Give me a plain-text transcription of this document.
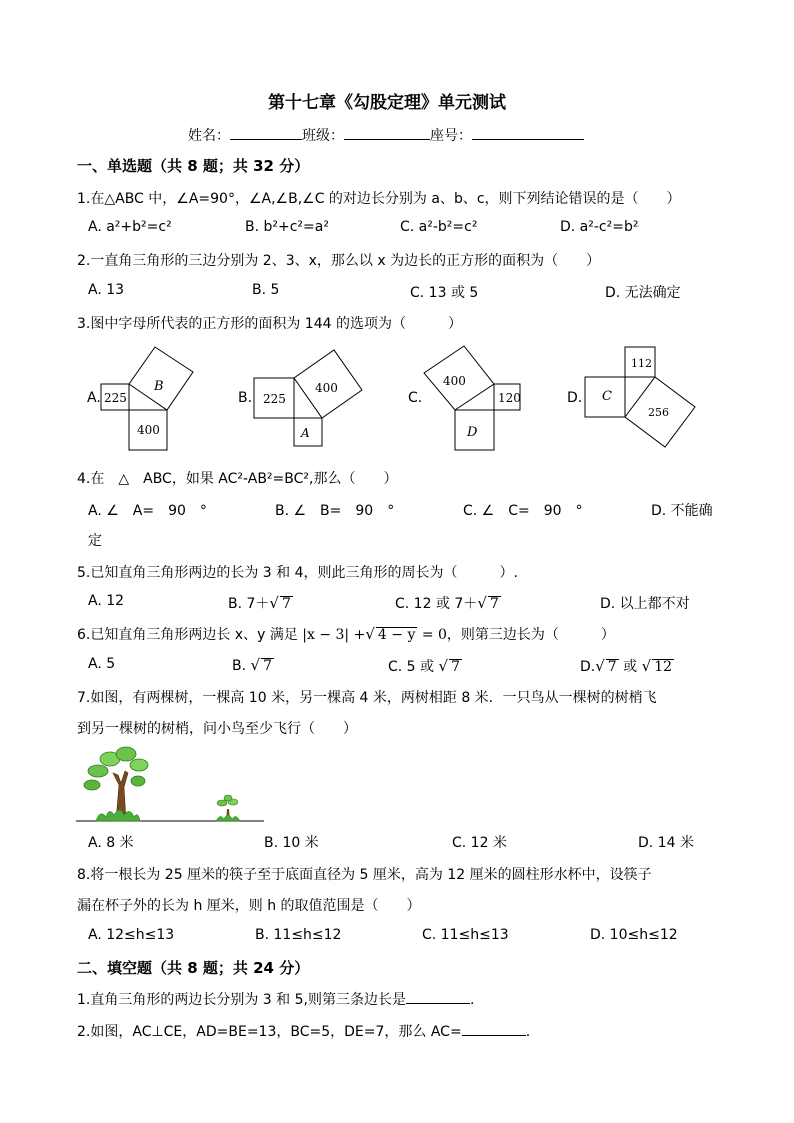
第十七章《勾股定理》单元测试
姓名：	班级：	座号：
一、单选题（共 8 题；共 32 分）
1.在△ABC 中，∠A=90°，∠A,∠B,∠C 的对边长分别为 a、b、c，则下列结论错误的是（　　）
A. a²+b²=c²	B. b²+c²=a²	C. a²-b²=c²	D. a²-c²=b²
2.一直角三角形的三边分别为 2、3、x，那么以 x 为边长的正方形的面积为（　　）
A. 13	B. 5	C. 13 或 5	D. 无法确定
3.图中字母所代表的正方形的面积为 144 的选项为（　　　）
A.	B.	C.	D.
225
B
400
225
400
A
400
120
D
112
C
256
4.在　△　ABC，如果 AC²-AB²=BC²,那么（　　）
A. ∠　A=　90　°	B. ∠　B=　90　°	C. ∠　C=　90　°	D. 不能确
定
5.已知直角三角形两边的长为 3 和 4，则此三角形的周长为（　　　）.
A. 12	B. 7＋√ 7	C. 12 或 7＋√ 7	D. 以上都不对
6.已知直角三角形两边长 x、y 满足 |x − 3| +√ 4 − y = 0，则第三边长为（　　　）
A. 5	B. √ 7	C. 5 或 √ 7	D.√ 7 或 √ 12
7.如图，有两棵树，一棵高 10 米，另一棵高 4 米，两树相距 8 米．一只鸟从一棵树的树梢飞
到另一棵树的树梢，问小鸟至少飞行（　　）
A. 8 米	B. 10 米	C. 12 米	D. 14 米
8.将一根长为 25 厘米的筷子至于底面直径为 5 厘米，高为 12 厘米的圆柱形水杯中，设筷子
漏在杯子外的长为 h 厘米，则 h 的取值范围是（　　）
A. 12≤h≤13	B. 11≤h≤12	C. 11≤h≤13	D. 10≤h≤12
二、填空题（共 8 题；共 24 分）
1.直角三角形的两边长分别为 3 和 5,则第三条边长是	.
2.如图，AC⊥CE，AD=BE=13，BC=5，DE=7，那么 AC=	.
